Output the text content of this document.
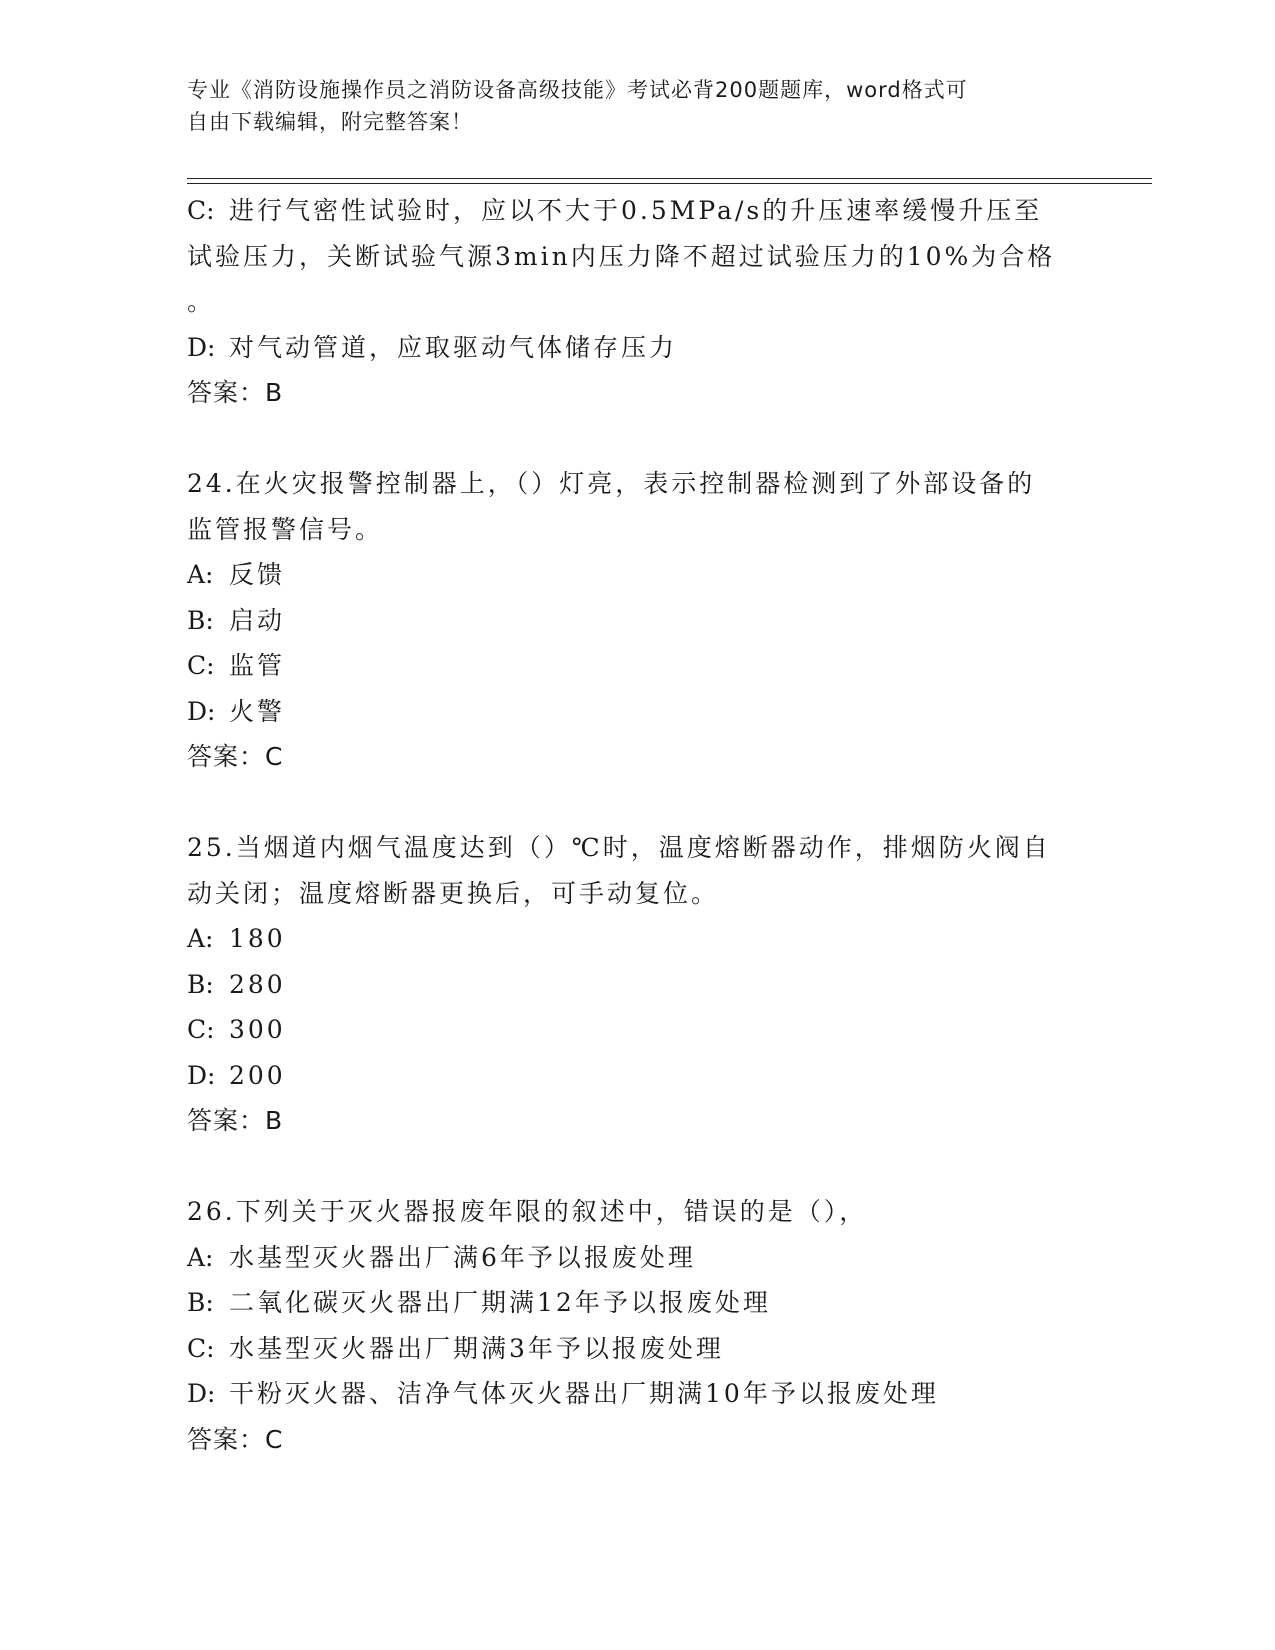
专业《消防设施操作员之消防设备高级技能》考试必背200题题库，word格式可
自由下载编辑，附完整答案！
C: 进行气密性试验时，应以不大于0.5MPa/s的升压速率缓慢升压至
试验压力，关断试验气源3min内压力降不超过试验压力的10%为合格
。
D: 对气动管道，应取驱动气体储存压力
答案：B
24.在火灾报警控制器上，（）灯亮，表示控制器检测到了外部设备的
监管报警信号。
A: 反馈
B: 启动
C: 监管
D: 火警
答案：C
25.当烟道内烟气温度达到（）℃时，温度熔断器动作，排烟防火阀自
动关闭；温度熔断器更换后，可手动复位。
A: 180
B: 280
C: 300
D: 200
答案：B
26.下列关于灭火器报废年限的叙述中，错误的是（），
A: 水基型灭火器出厂满6年予以报废处理
B: 二氧化碳灭火器出厂期满12年予以报废处理
C: 水基型灭火器出厂期满3年予以报废处理
D: 干粉灭火器、洁净气体灭火器出厂期满10年予以报废处理
答案：C
